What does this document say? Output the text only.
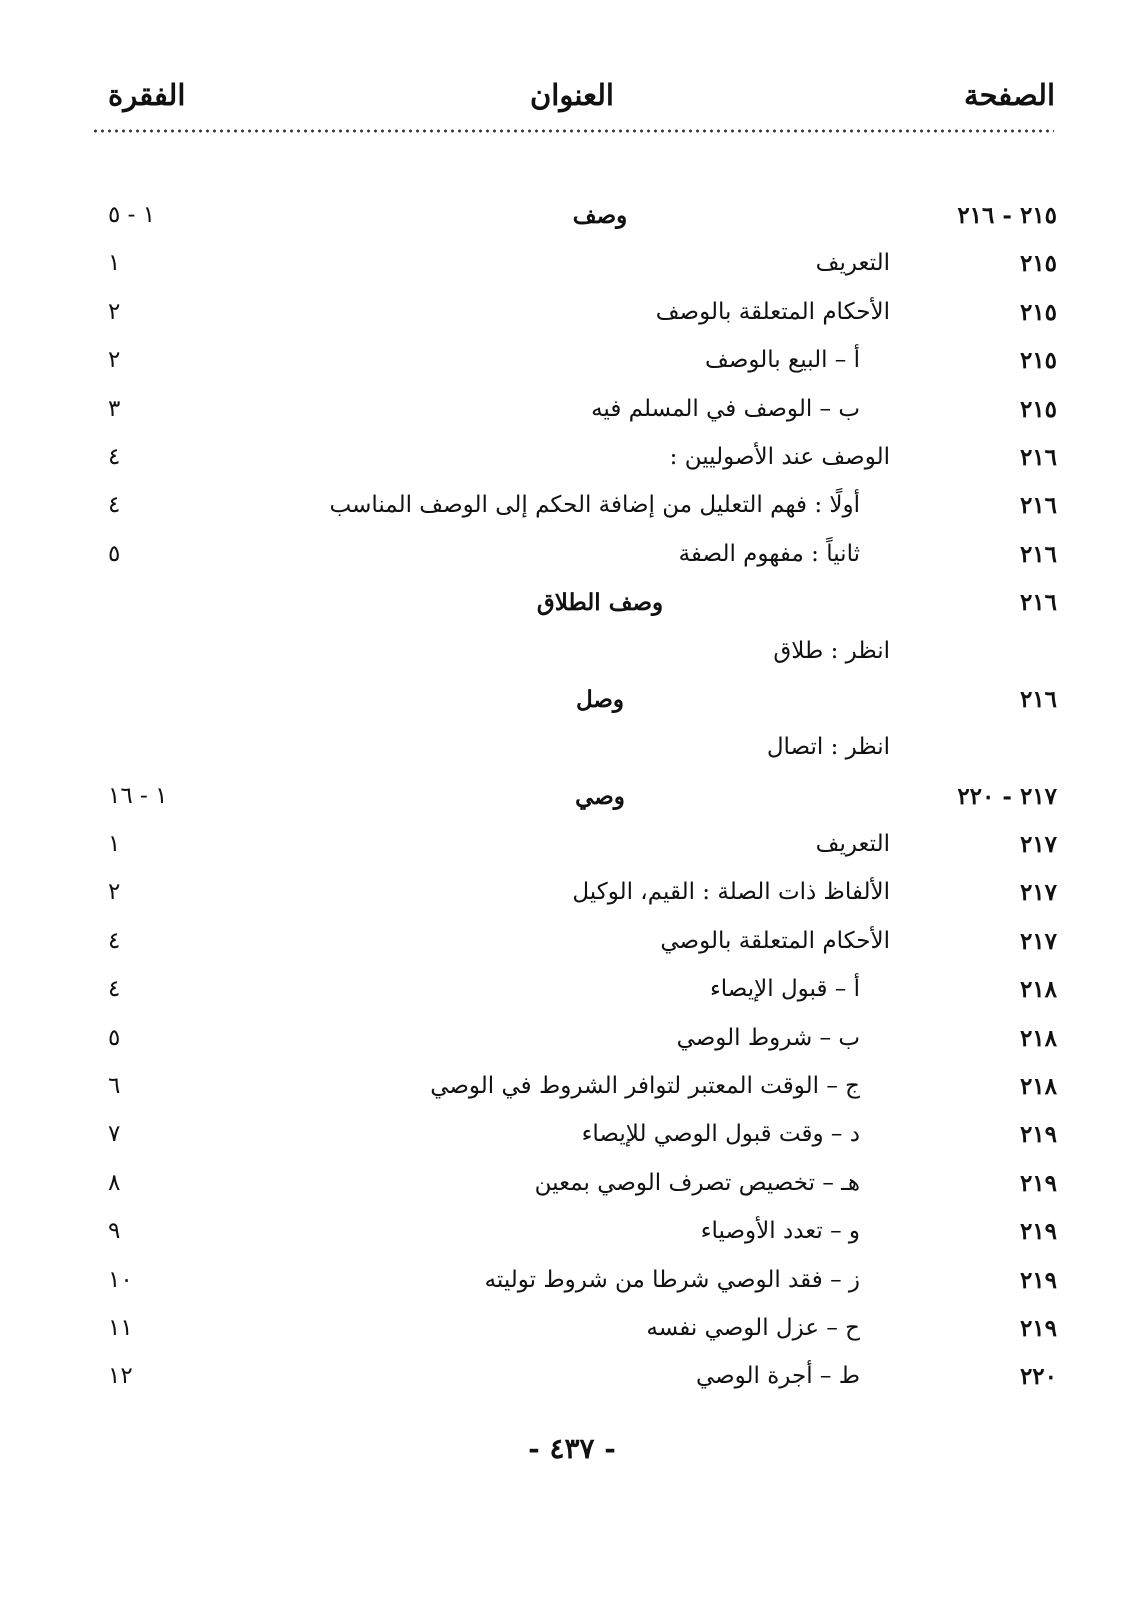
الصفحة
العنوان
الفقرة
٢١٥ - ٢١٦
وصف
١ - ٥
٢١٥
التعريف
١
٢١٥
الأحكام المتعلقة بالوصف
٢
٢١٥
أ – البيع بالوصف
٢
٢١٥
ب – الوصف في المسلم فيه
٣
٢١٦
الوصف عند الأصوليين :
٤
٢١٦
أولًا : فهم التعليل من إضافة الحكم إلى الوصف المناسب
٤
٢١٦
ثانياً : مفهوم الصفة
٥
٢١٦
وصف الطلاق
انظر : طلاق
٢١٦
وصل
انظر : اتصال
٢١٧ - ٢٢٠
وصي
١ - ١٦
٢١٧
التعريف
١
٢١٧
الألفاظ ذات الصلة : القيم، الوكيل
٢
٢١٧
الأحكام المتعلقة بالوصي
٤
٢١٨
أ – قبول الإيصاء
٤
٢١٨
ب – شروط الوصي
٥
٢١٨
ج – الوقت المعتبر لتوافر الشروط في الوصي
٦
٢١٩
د – وقت قبول الوصي للإيصاء
٧
٢١٩
هـ – تخصيص تصرف الوصي بمعين
٨
٢١٩
و – تعدد الأوصياء
٩
٢١٩
ز – فقد الوصي شرطا من شروط توليته
١٠
٢١٩
ح – عزل الوصي نفسه
١١
٢٢٠
ط – أجرة الوصي
١٢
- ٤٣٧ -
